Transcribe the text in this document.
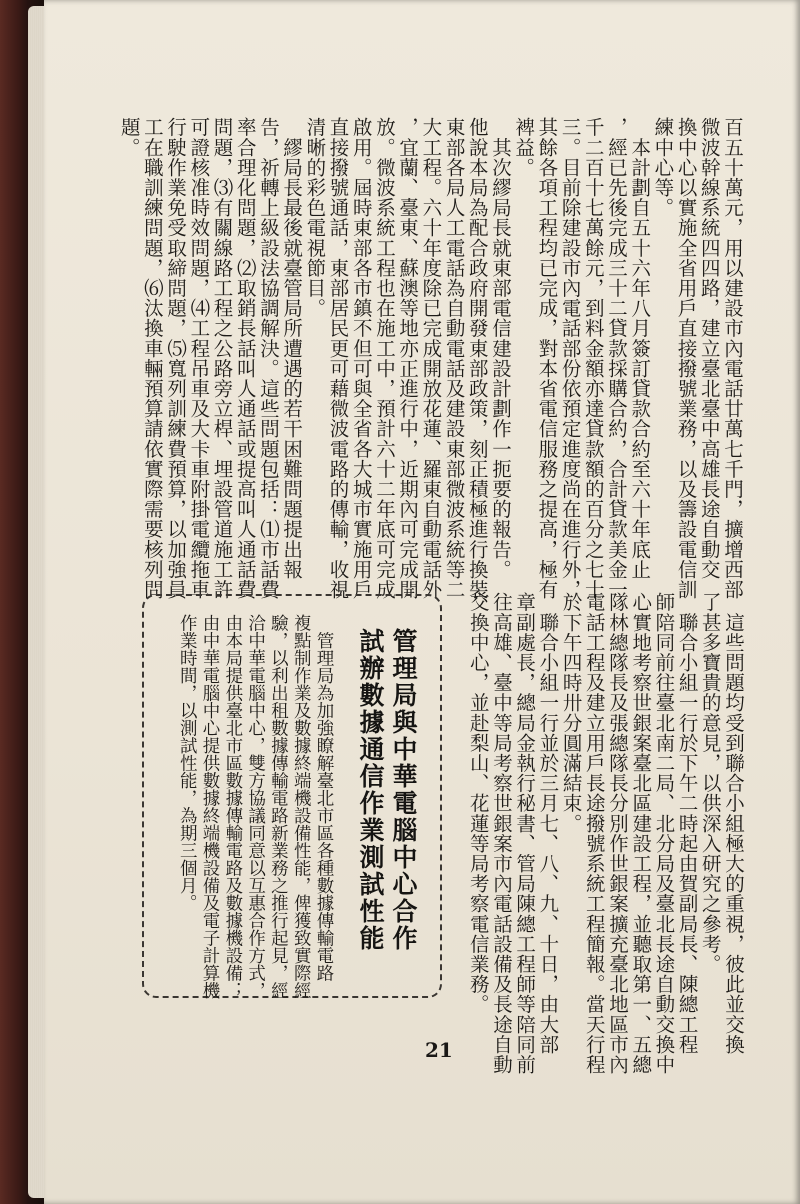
百五十萬元，用以建設市內電話廿萬七千門，擴增西部
微波幹線系統四四路，建立臺北臺中高雄長途自動交
換中心以實施全省用戶直接撥號業務，以及籌設電信訓
練中心等。
　本計劃自五十六年八月簽訂貸款合約至六十年底止
，經已先後完成三十二貸款採購合約，合計貸款美金一
千二百十七萬餘元，到料金額亦達貸款額的百分之七十
三。目前除建設市內電話部份依預定進度尚在進行外，
其餘各項工程均已完成，對本省電信服務之提高，極有
裨益。
　其次繆局長就東部電信建設計劃作一扼要的報告。
他說本局為配合政府開發東部政策，刻正積極進行換裝
東部各局人工電話為自動電話及建設東部微波系統等二
大工程。六十年度除已完成開放花蓮、羅東自動電話外
，宜蘭、臺東、蘇澳等地亦正進行中，近期內可完成開
放。微波系統工程也在施工中，預計六十二年底可完成
啟用。屆時東部各市鎮不但可與全省各大城市實施用戶
直接撥號通話，東部居民更可藉微波電路的傳輸，收視
清晰的彩色電視節目。
　繆局長最後就臺管局所遭遇的若干困難問題提出報
告，祈轉上級設法協調解決。這些問題包括：⑴市話費
率合理化問題，⑵取銷長話叫人通話或提高叫人通話費
問題，⑶有關線路工程之公路旁立桿、埋設管道施工許
可證核准時效問題，⑷工程吊車及大卡車附掛電纜拖車
行駛作業免受取締問題，⑸寬列訓練費預算，以加強員
工在職訓練問題，⑹汰換車輛預算請依實際需要核列問
題。
　這些問題均受到聯合小組極大的重視，彼此並交換
了甚多寶貴的意見，以供深入研究之參考。
　聯合小組一行於下午二時起由賀副局長、陳總工程
師陪同前往臺北南二局、北分局及臺北長途自動交換中
心實地考察世銀案臺北區建設工程，並聽取第一、五總
隊林總隊長及張總隊長分別作世銀案擴充臺北地區市內
電話工程及建立用戶長途撥號系統工程簡報。當天行程
於下午四時卅分圓滿結束。
　聯合小組一行並於三月七、八、九、十日，由大部
章副處長，總局金執行秘書、管局陳總工程師等陪同前
往高雄、臺中等局考察世銀案市內電話設備及長途自動
交換中心，並赴梨山、花蓮等局考察電信業務。
管理局與中華電腦中心合作
試辦數據通信作業測試性能
　管理局為加強瞭解臺北市區各種數據傳輸電路
複點制作業及數據終端機設備性能，俾獲致實際經
驗，以利出租數據傳輸電路新業務之推行起見，經
洽中華電腦中心，雙方協議同意以互惠合作方式，
由本局提供臺北市區數據傳輸電路及數據機設備；
由中華電腦中心提供數據終端機設備及電子計算機
作業時間，以測試性能，為期三個月。
21
